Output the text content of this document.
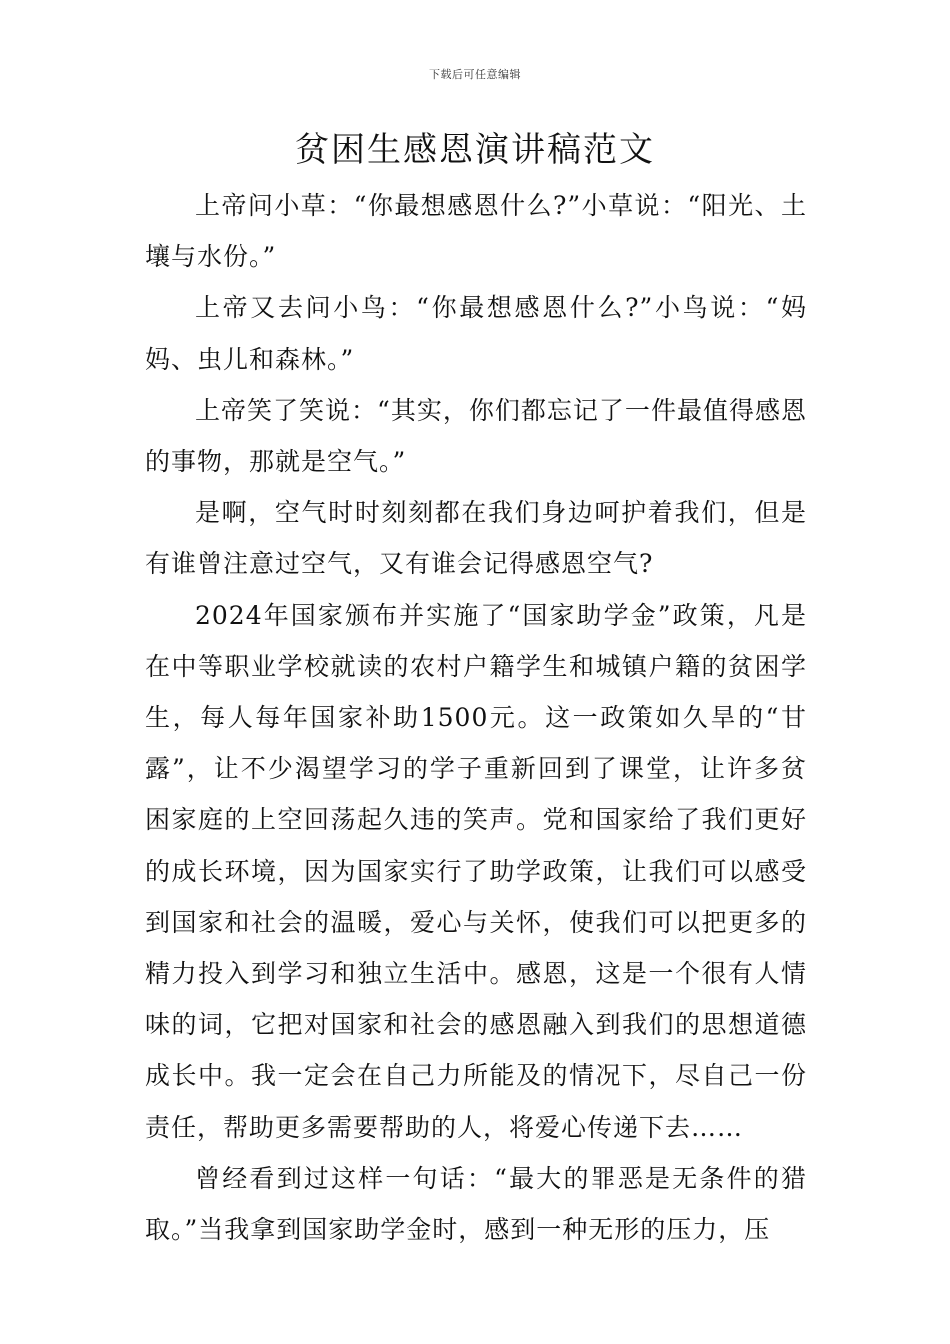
下载后可任意编辑
贫困生感恩演讲稿范文

上帝问小草：“你最想感恩什么?”小草说：“阳光、土壤与水份。”

上帝又去问小鸟：“你最想感恩什么?”小鸟说：“妈妈、虫儿和森林。”

上帝笑了笑说：“其实，你们都忘记了一件最值得感恩的事物，那就是空气。”

是啊，空气时时刻刻都在我们身边呵护着我们，但是有谁曾注意过空气，又有谁会记得感恩空气?

2024年国家颁布并实施了“国家助学金”政策，凡是在中等职业学校就读的农村户籍学生和城镇户籍的贫困学生，每人每年国家补助1500元。这一政策如久旱的“甘露”，让不少渴望学习的学子重新回到了课堂，让许多贫困家庭的上空回荡起久违的笑声。党和国家给了我们更好的成长环境，因为国家实行了助学政策，让我们可以感受到国家和社会的温暖，爱心与关怀，使我们可以把更多的精力投入到学习和独立生活中。感恩，这是一个很有人情味的词，它把对国家和社会的感恩融入到我们的思想道德成长中。我一定会在自己力所能及的情况下，尽自己一份责任，帮助更多需要帮助的人，将爱心传递下去……

曾经看到过这样一句话：“最大的罪恶是无条件的猎取。”当我拿到国家助学金时，感到一种无形的压力，压
